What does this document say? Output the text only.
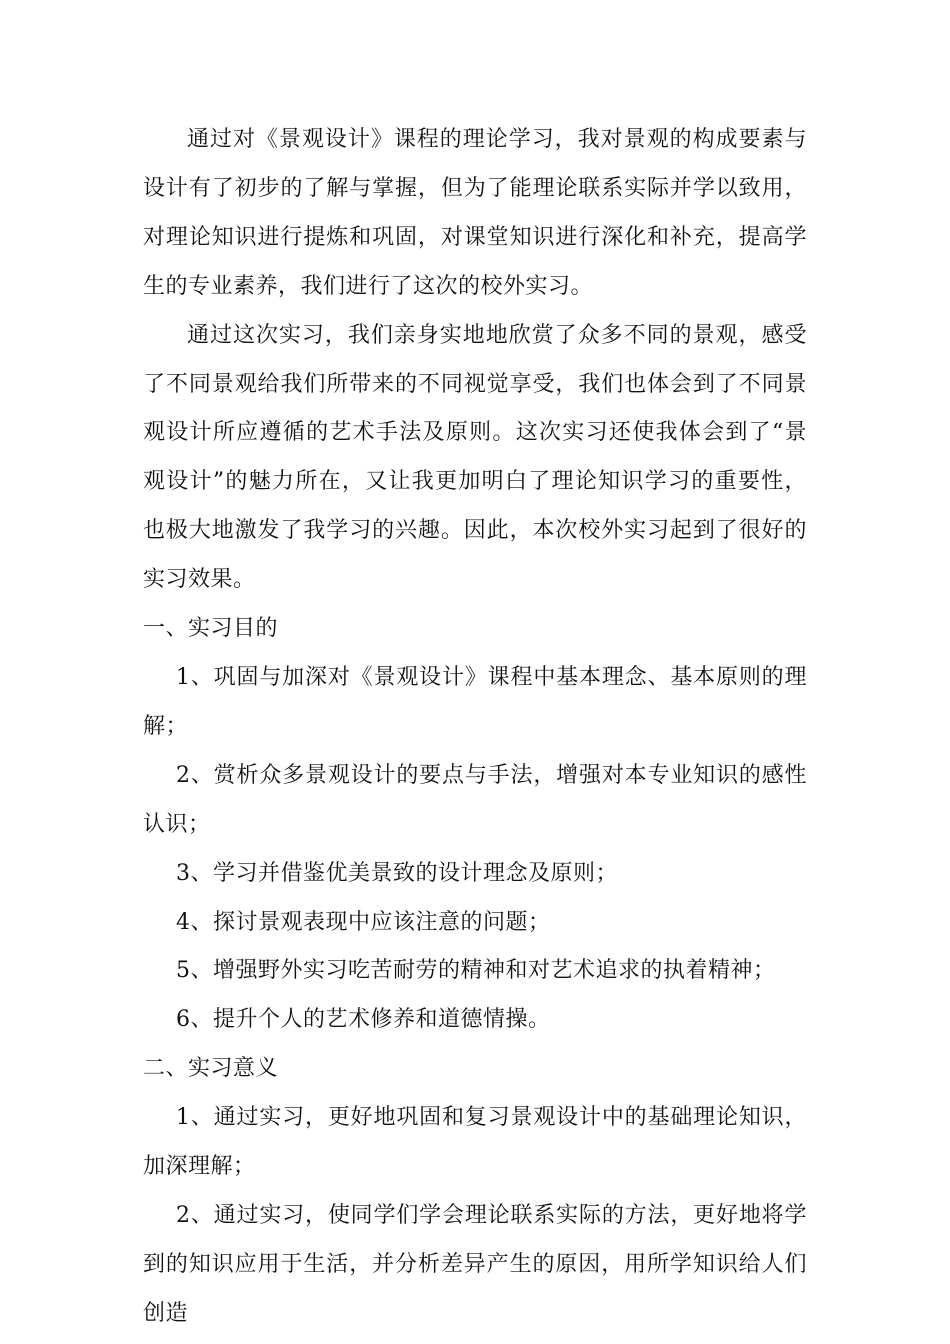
通过对《景观设计》课程的理论学习，我对景观的构成要素与设计有了初步的了解与掌握，但为了能理论联系实际并学以致用，对理论知识进行提炼和巩固，对课堂知识进行深化和补充，提高学生的专业素养，我们进行了这次的校外实习。

通过这次实习，我们亲身实地地欣赏了众多不同的景观，感受了不同景观给我们所带来的不同视觉享受，我们也体会到了不同景观设计所应遵循的艺术手法及原则。这次实习还使我体会到了“景观设计”的魅力所在，又让我更加明白了理论知识学习的重要性，也极大地激发了我学习的兴趣。因此，本次校外实习起到了很好的实习效果。

一、实习目的

1、巩固与加深对《景观设计》课程中基本理念、基本原则的理解；

2、赏析众多景观设计的要点与手法，增强对本专业知识的感性认识；

3、学习并借鉴优美景致的设计理念及原则；

4、探讨景观表现中应该注意的问题；

5、增强野外实习吃苦耐劳的精神和对艺术追求的执着精神；

6、提升个人的艺术修养和道德情操。

二、实习意义

1、通过实习，更好地巩固和复习景观设计中的基础理论知识，加深理解；

2、通过实习，使同学们学会理论联系实际的方法，更好地将学到的知识应用于生活，并分析差异产生的原因，用所学知识给人们创造
